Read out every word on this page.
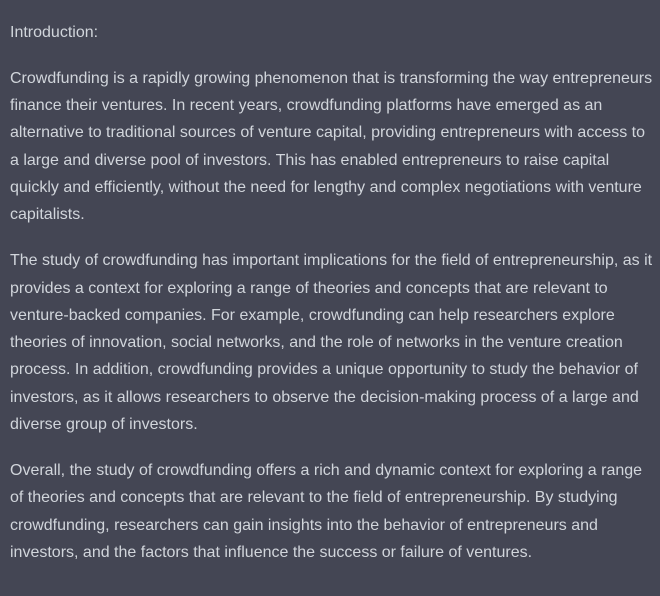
Introduction:

Crowdfunding is a rapidly growing phenomenon that is transforming the way entrepreneurs finance their ventures. In recent years, crowdfunding platforms have emerged as an alternative to traditional sources of venture capital, providing entrepreneurs with access to a large and diverse pool of investors. This has enabled entrepreneurs to raise capital quickly and efficiently, without the need for lengthy and complex negotiations with venture capitalists.

The study of crowdfunding has important implications for the field of entrepreneurship, as it provides a context for exploring a range of theories and concepts that are relevant to venture-backed companies. For example, crowdfunding can help researchers explore theories of innovation, social networks, and the role of networks in the venture creation process. In addition, crowdfunding provides a unique opportunity to study the behavior of investors, as it allows researchers to observe the decision-making process of a large and diverse group of investors.

Overall, the study of crowdfunding offers a rich and dynamic context for exploring a range of theories and concepts that are relevant to the field of entrepreneurship. By studying crowdfunding, researchers can gain insights into the behavior of entrepreneurs and investors, and the factors that influence the success or failure of ventures.
